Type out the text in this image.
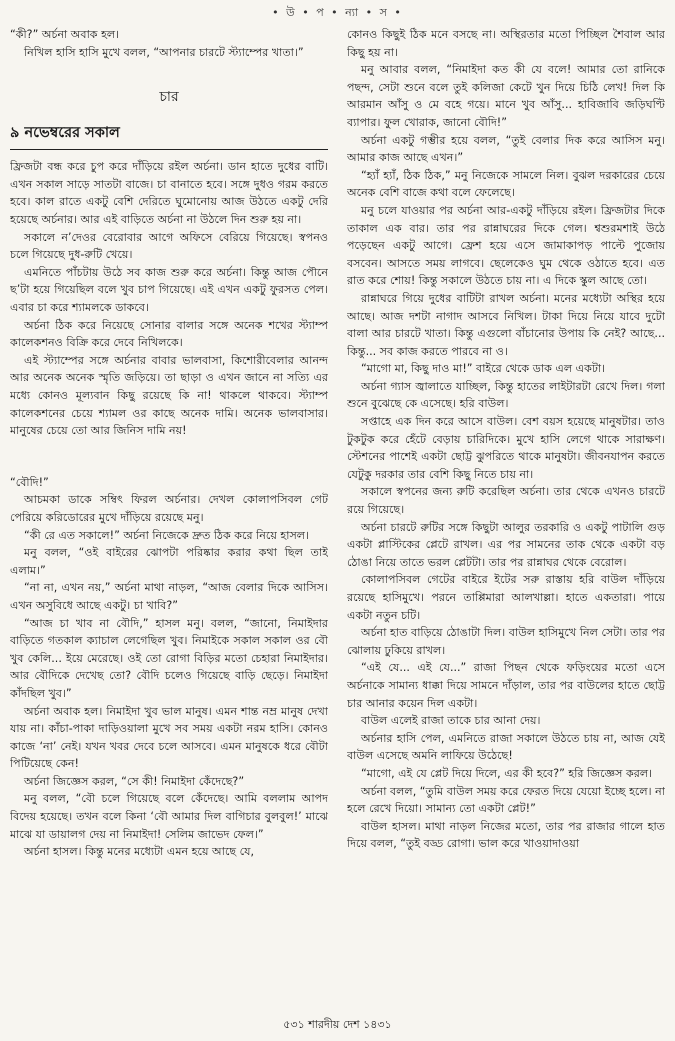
• উ • প • ন্যা • স •

“কী?” অর্চনা অবাক হল।

নিখিল হাসি হাসি মুখে বলল, “আপনার চারটে স্ট্যাম্পের খাতা।”

চার
৯ নভেম্বরের সকাল

ফ্রিজটা বন্ধ করে চুপ করে দাঁড়িয়ে রইল অর্চনা। ডান হাতে দুধের বাটি। এখন সকাল সাড়ে সাতটা বাজে। চা বানাতে হবে। সঙ্গে দুধও গরম করতে হবে। কাল রাতে একটু বেশি দেরিতে ঘুমোনোয় আজ উঠতে একটু দেরি হয়েছে অর্চনার। আর এই বাড়িতে অর্চনা না উঠলে দিন শুরু হয় না।

সকালে ন’দেওর বেরোবার আগে অফিসে বেরিয়ে গিয়েছে। স্বপনও চলে গিয়েছে দুধ-রুটি খেয়ে।

এমনিতে পাঁচটায় উঠে সব কাজ শুরু করে অর্চনা। কিন্তু আজ পৌনে ছ’টা হয়ে গিয়েছিল বলে খুব চাপ গিয়েছে। এই এখন একটু ফুরসত পেল। এবার চা করে শ্যামলকে ডাকবে।

অর্চনা ঠিক করে নিয়েছে সোনার বালার সঙ্গে অনেক শখের স্ট্যাম্প কালেকশনও বিক্রি করে দেবে নিখিলকে।

এই স্ট্যাম্পের সঙ্গে অর্চনার বাবার ভালবাসা, কিশোরীবেলার আনন্দ আর অনেক অনেক স্মৃতি জড়িয়ে। তা ছাড়া ও এখন জানে না সত্যি এর মধ্যে কোনও মূল্যবান কিছু রয়েছে কি না! থাকলে থাকবে। স্ট্যাম্প কালেকশনের চেয়ে শ্যামল ওর কাছে অনেক দামি। অনেক ভালবাসার। মানুষের চেয়ে তো আর জিনিস দামি নয়!

“বৌদি!”

আচমকা ডাকে সম্বিৎ ফিরল অর্চনার। দেখল কোলাপসিবল গেট পেরিয়ে করিডোরের মুখে দাঁড়িয়ে রয়েছে মনু।

“কী রে এত সকালে!” অর্চনা নিজেকে দ্রুত ঠিক করে নিয়ে হাসল।

মনু বলল, “ওই বাইরের ঝোপটা পরিষ্কার করার কথা ছিল তাই এলাম।”

“না না, এখন নয়,” অর্চনা মাথা নাড়ল, “আজ বেলার দিকে আসিস। এখন অসুবিধে আছে একটু। চা খাবি?”

“আজ চা খাব না বৌদি,” হাসল মনু। বলল, “জানো, নিমাইদার বাড়িতে গতকাল ক্যাচাল লেগেছিল খুব। নিমাইকে সকাল সকাল ওর বৌ খুব কেলি... ইয়ে মেরেছে। ওই তো রোগা বিড়ির মতো চেহারা নিমাইদার। আর বৌদিকে দেখেছ তো? বৌদি চলেও গিয়েছে বাড়ি ছেড়ে। নিমাইদা কাঁদছিল খুব।”

অর্চনা অবাক হল। নিমাইদা খুব ভাল মানুষ। এমন শান্ত নম্র মানুষ দেখা যায় না। কাঁচা-পাকা দাড়িওয়ালা মুখে সব সময় একটা নরম হাসি। কোনও কাজে ‘না’ নেই। যখন খবর দেবে চলে আসবে। এমন মানুষকে ধরে বৌটা পিটিয়েছে কেন!

অর্চনা জিজ্ঞেস করল, “সে কী! নিমাইদা কেঁদেছে?”

মনু বলল, “বৌ চলে গিয়েছে বলে কেঁদেছে। আমি বললাম আপদ বিদেয় হয়েছে। তখন বলে কিনা ‘বৌ আমার দিল বাগিচার বুলবুল!’ মাঝে মাঝে যা ডায়ালগ দেয় না নিমাইদা! সেলিম জাভেদ ফেল।”

অর্চনা হাসল। কিন্তু মনের মধ্যেটা এমন হয়ে আছে যে,

কোনও কিছুই ঠিক মনে বসছে না। অস্থিরতার মতো পিচ্ছিল শৈবাল আর কিছু হয় না।

মনু আবার বলল, “নিমাইদা কত কী যে বলে! আমার তো রানিকে পছন্দ, সেটা শুনে বলে তুই কলিজা কেটে খুন দিয়ে চিঠি লেখ! দিল কি আরমান আঁসু ও মে বহে গয়ে। মানে খুব আঁসু... হাবিজাবি জড়িঘণ্টি ব্যাপার। ফুল খোরাক, জানো বৌদি!”

অর্চনা একটু গম্ভীর হয়ে বলল, “তুই বেলার দিক করে আসিস মনু। আমার কাজ আছে এখন।”

“হ্যাঁ হ্যাঁ, ঠিক ঠিক,” মনু নিজেকে সামলে নিল। বুঝল দরকারের চেয়ে অনেক বেশি বাজে কথা বলে ফেলেছে।

মনু চলে যাওয়ার পর অর্চনা আর-একটু দাঁড়িয়ে রইল। ফ্রিজটার দিকে তাকাল এক বার। তার পর রান্নাঘরের দিকে গেল। শ্বশুরমশাই উঠে পড়েছেন একটু আগে। ফ্রেশ হয়ে এসে জামাকাপড় পাল্টে পুজোয় বসবেন। আসতে সময় লাগবে। ছেলেকেও ঘুম থেকে ওঠাতে হবে। এত রাত করে শোয়! কিন্তু সকালে উঠতে চায় না। এ দিকে স্কুল আছে তো।

রান্নাঘরে গিয়ে দুধের বাটিটা রাখল অর্চনা। মনের মধ্যেটা অস্থির হয়ে আছে। আজ দশটা নাগাদ আসবে নিখিল। টাকা দিয়ে নিয়ে যাবে দুটো বালা আর চারটে খাতা। কিন্তু এগুলো বাঁচানোর উপায় কি নেই? আছে... কিন্তু... সব কাজ করতে পারবে না ও।

“মাগো মা, কিছু দাও মা!” বাইরে থেকে ডাক এল একটা।

অর্চনা গ্যাস জ্বালাতে যাচ্ছিল, কিন্তু হাতের লাইটারটা রেখে দিল। গলা শুনে বুঝেছে কে এসেছে। হরি বাউল।

সপ্তাহে এক দিন করে আসে বাউল। বেশ বয়স হয়েছে মানুষটার। তাও টুকটুক করে হেঁটে বেড়ায় চারিদিকে। মুখে হাসি লেগে থাকে সারাক্ষণ। স্টেশনের পাশেই একটা ছোট্ট ঝুপরিতে থাকে মানুষটা। জীবনযাপন করতে যেটুকু দরকার তার বেশি কিছু নিতে চায় না।

সকালে স্বপনের জন্য রুটি করেছিল অর্চনা। তার থেকে এখনও চারটে রয়ে গিয়েছে।

অর্চনা চারটে রুটির সঙ্গে কিছুটা আলুর তরকারি ও একটু পাটালি গুড় একটা প্লাস্টিকের প্লেটে রাখল। এর পর সামনের তাক থেকে একটা বড় ঠোঙা নিয়ে তাতে ভরল প্লেটটা। তার পর রান্নাঘর থেকে বেরোল।

কোলাপসিবল গেটের বাইরে ইটের সরু রাস্তায় হরি বাউল দাঁড়িয়ে রয়েছে হাসিমুখে। পরনে তাপ্পিমারা আলখাল্লা। হাতে একতারা। পায়ে একটা নতুন চটি।

অর্চনা হাত বাড়িয়ে ঠোঙাটা দিল। বাউল হাসিমুখে নিল সেটা। তার পর ঝোলায় ঢুকিয়ে রাখল।

“এই যে... এই যে...” রাজা পিছন থেকে ফড়িংয়ের মতো এসে অর্চনাকে সামান্য ধাক্কা দিয়ে সামনে দাঁড়াল, তার পর বাউলের হাতে ছোট্ট চার আনার কয়েন দিল একটা।

বাউল এলেই রাজা তাকে চার আনা দেয়।

অর্চনার হাসি পেল, এমনিতে রাজা সকালে উঠতে চায় না, আজ যেই বাউল এসেছে অমনি লাফিয়ে উঠেছে!

“মাগো, এই যে প্লেট দিয়ে দিলে, এর কী হবে?” হরি জিজ্ঞেস করল।

অর্চনা বলল, “তুমি বাউল সময় করে ফেরত দিয়ে যেয়ো ইচ্ছে হলে। না হলে রেখে দিয়ো। সামান্য তো একটা প্লেট!”

বাউল হাসল। মাথা নাড়ল নিজের মতো, তার পর রাজার গালে হাত দিয়ে বলল, “তুই বড্ড রোগা। ভাল করে খাওয়াদাওয়া

৫৩১ শারদীয় দেশ ১৪৩১
